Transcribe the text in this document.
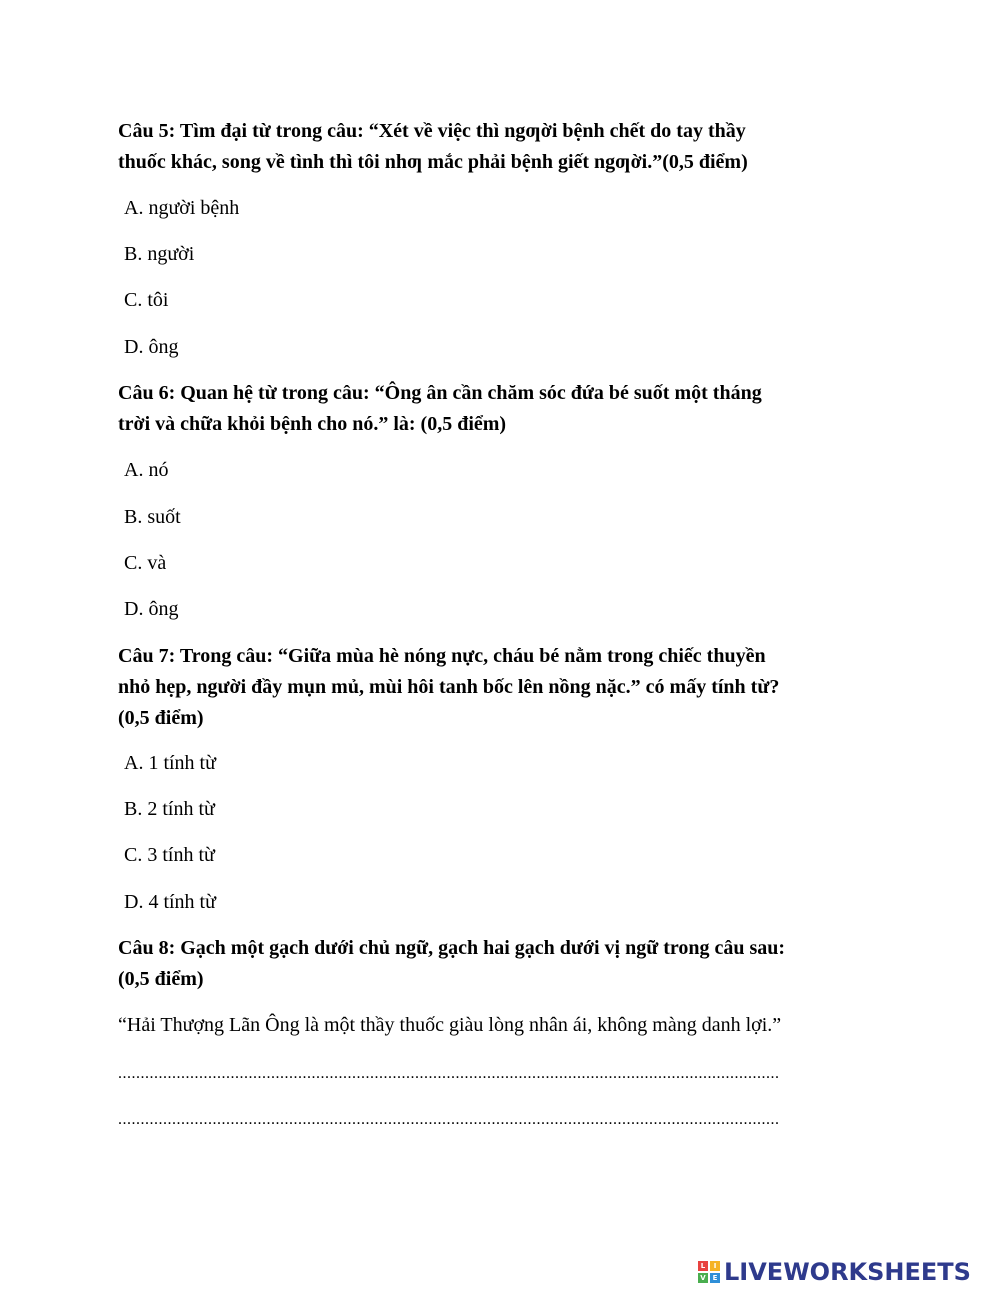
Câu 5: Tìm đại từ trong câu: “Xét về việc thì ngƣời bệnh chết do tay thầy
thuốc khác, song về tình thì tôi nhƣ mắc phải bệnh giết ngƣời.”(0,5 điểm)

A. người bệnh

B. người

C. tôi

D. ông

Câu 6: Quan hệ từ trong câu: “Ông ân cần chăm sóc đứa bé suốt một tháng
trời và chữa khỏi bệnh cho nó.” là: (0,5 điểm)

A. nó

B. suốt

C. và

D. ông

Câu 7: Trong câu: “Giữa mùa hè nóng nực, cháu bé nằm trong chiếc thuyền
nhỏ hẹp, người đầy mụn mủ, mùi hôi tanh bốc lên nồng nặc.” có mấy tính từ?
(0,5 điểm)

A. 1 tính từ

B. 2 tính từ

C. 3 tính từ

D. 4 tính từ

Câu 8: Gạch một gạch dưới chủ ngữ, gạch hai gạch dưới vị ngữ trong câu sau:
(0,5 điểm)

“Hải Thượng Lãn Ông là một thầy thuốc giàu lòng nhân ái, không màng danh lợi.”

...................................................................................................................................................
...................................................................................................................................................
L	I
V E LIVEWORKSHEETS
